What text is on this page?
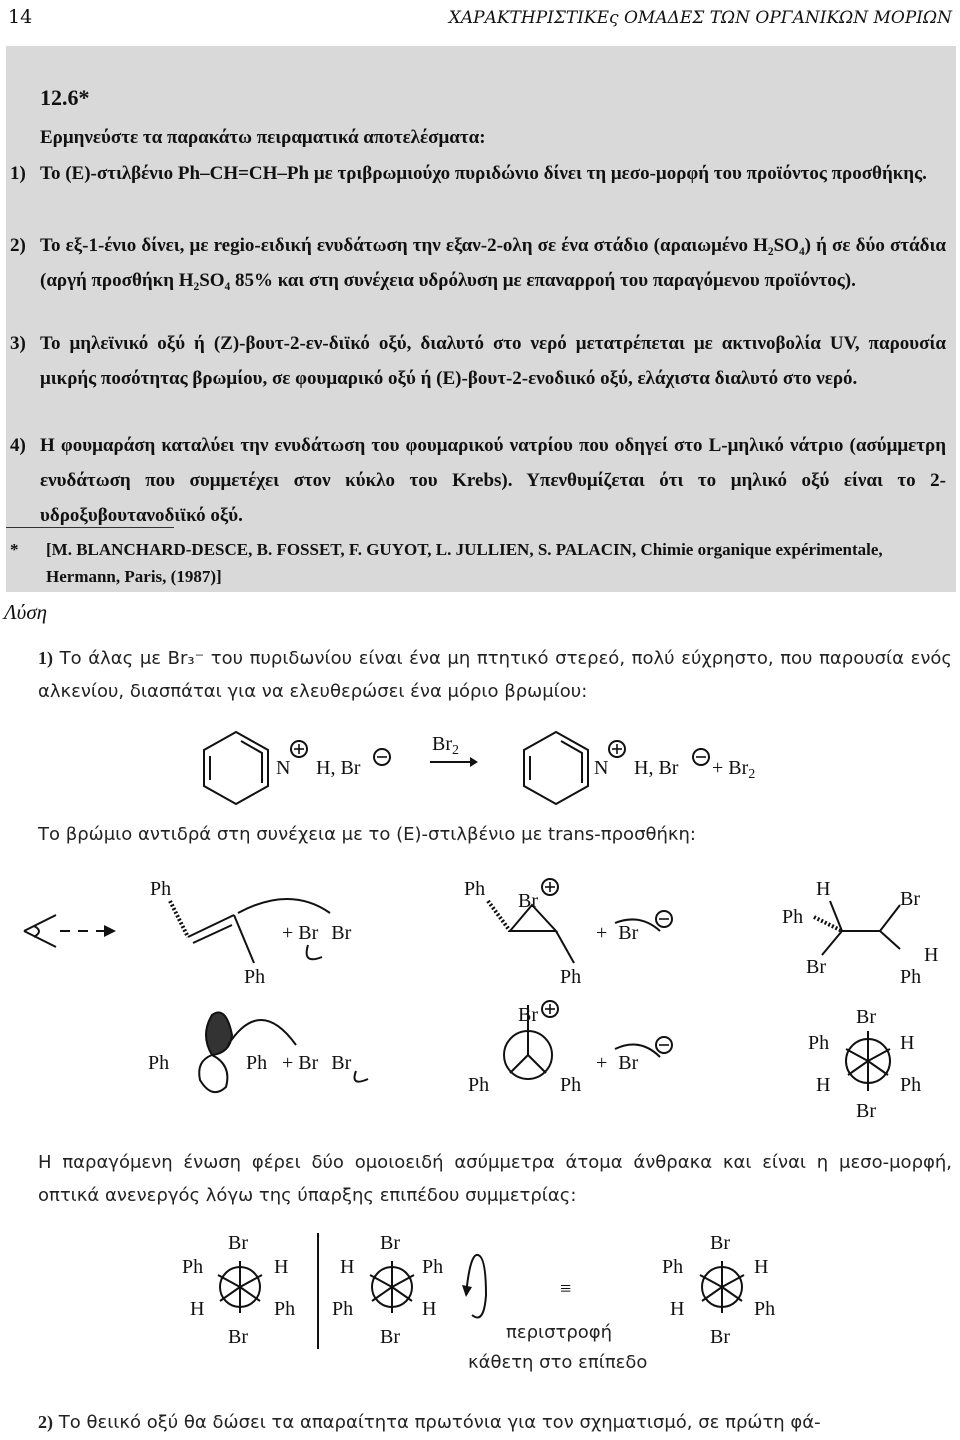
14	ΧΑΡΑΚΤΗΡΙΣΤΙΚΕς ΟΜΑΔΕΣ ΤΩΝ ΟΡΓΑΝΙΚΩΝ ΜΟΡΙΩΝ
12.6*
Ερμηνεύστε τα παρακάτω πειραματικά αποτελέσματα:
1) Το (E)-στιλβένιο Ph–CH=CH–Ph με τριβρωμιούχο πυριδώνιο δίνει τη μεσο-μορφή του προϊόντος προσθήκης.
2) Το εξ-1-ένιο δίνει, με regio-ειδική ενυδάτωση την εξαν-2-ολη σε ένα στάδιο (αραιωμένο H₂SO₄) ή σε δύο στάδια (αργή προσθήκη H₂SO₄ 85% και στη συνέχεια υδρόλυση με επαναρροή του παραγόμενου προϊόντος).
3) Το μηλεϊνικό οξύ ή (Z)-βουτ-2-εν-διϊκό οξύ, διαλυτό στο νερό μετατρέπεται με ακτινοβολία UV, παρουσία μικρής ποσότητας βρωμίου, σε φουμαρικό οξύ ή (E)-βουτ-2-ενοδιικό οξύ, ελάχιστα διαλυτό στο νερό.
4) Η φουμαράση καταλύει την ενυδάτωση του φουμαρικού νατρίου που οδηγεί στο L-μηλικό νάτριο (ασύμμετρη ενυδάτωση που συμμετέχει στον κύκλο του Krebs). Υπενθυμίζεται ότι το μηλικό οξύ είναι το 2-υδροξυβουτανοδιϊκό οξύ.
* [M. BLANCHARD-DESCE, B. FOSSET, F. GUYOT, L. JULLIEN, S. PALACIN, Chimie organique expérimentale, Hermann, Paris, (1987)]
Λύση
1) Το άλας με Br₃⁻ του πυριδωνίου είναι ένα μη πτητικό στερεό, πολύ εύχρηστο, που παρουσία ενός αλκενίου, διασπάται για να ελευθερώσει ένα μόριο βρωμίου:
N H, Br
$Br_2$
N H, $Br + Br_2$
Το βρώμιο αντιδρά στη συνέχεια με το (E)-στιλβένιο με trans-προσθήκη:
Ph
Ph
+ Br Br
Ph
Br
Ph
+ Br
H	Br
Ph
H
Br	Ph
Ph	Ph + Br Br
Br
Ph	Ph
+ Br
Br
Ph	H
H	Ph
Br
Η παραγόμενη ένωση φέρει δύο ομοιοειδή ασύμμετρα άτομα άνθρακα και είναι η μεσο-μορφή, οπτικά ανενεργός λόγω της ύπαρξης επιπέδου συμμετρίας:
Br
Ph	H
H	Ph
Br
Br
H	Ph
Ph	H
Br
≡
Br
Ph	H
H	Ph
Br
περιστροφή
κάθετη στο επίπεδο
2) Το θειικό οξύ θα δώσει τα απαραίτητα πρωτόνια για τον σχηματισμό, σε πρώτη φά-
